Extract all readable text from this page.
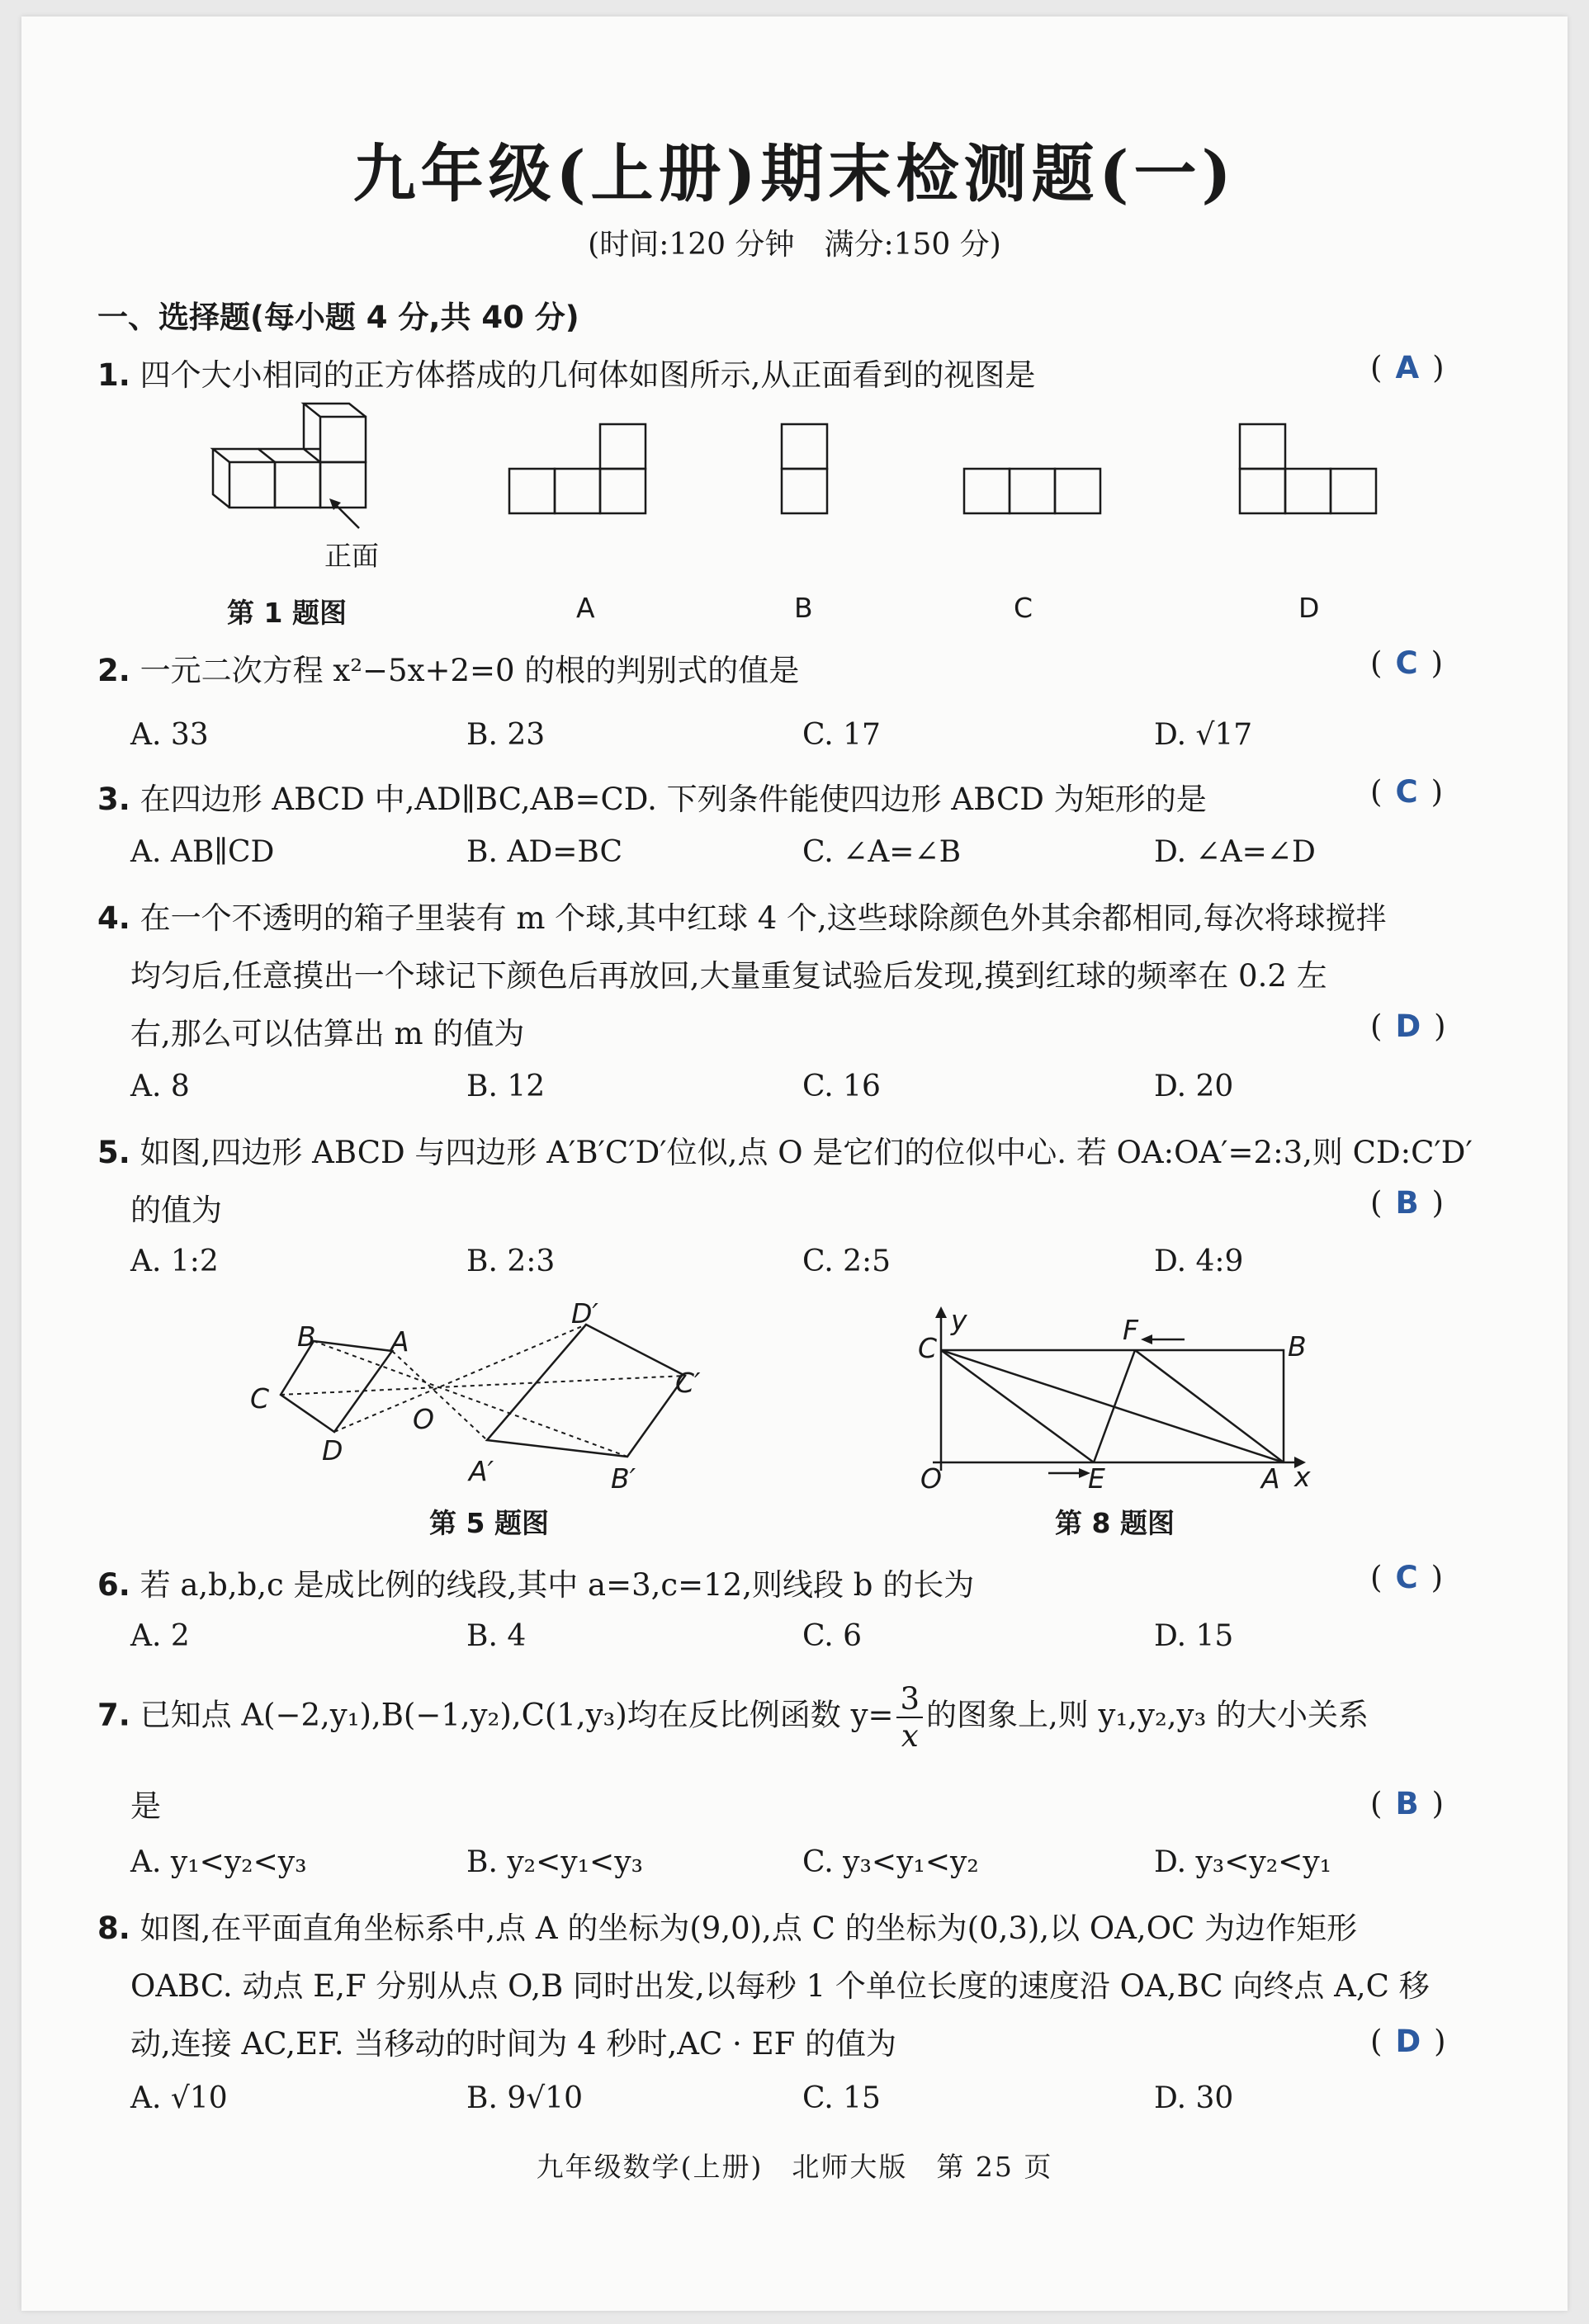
九年级(上册)期末检测题(一)
(时间:120 分钟　满分:150 分)
一、选择题(每小题 4 分,共 40 分)
1. 四个大小相同的正方体搭成的几何体如图所示,从正面看到的视图是	( A )
正面
第 1 题图	A	B	C	D
2. 一元二次方程 x²−5x+2=0 的根的判别式的值是	( C )
A. 33	B. 23	C. 17	D. √17
3. 在四边形 ABCD 中,AD∥BC,AB=CD. 下列条件能使四边形 ABCD 为矩形的是	( C )
A. AB∥CD	B. AD=BC	C. ∠A=∠B	D. ∠A=∠D
4. 在一个不透明的箱子里装有 m 个球,其中红球 4 个,这些球除颜色外其余都相同,每次将球搅拌
均匀后,任意摸出一个球记下颜色后再放回,大量重复试验后发现,摸到红球的频率在 0.2 左
右,那么可以估算出 m 的值为	( D )
A. 8	B. 12	C. 16	D. 20
5. 如图,四边形 ABCD 与四边形 A′B′C′D′位似,点 O 是它们的位似中心. 若 OA:OA′=2:3,则 CD:C′D′
的值为	( B )
A. 1:2	B. 2:3	C. 2:5	D. 4:9
B	A
C
D
O
D′
C′
A′	B′
第 5 题图
y
C
F
B
O	E	A x
第 8 题图
6. 若 a,b,b,c 是成比例的线段,其中 a=3,c=12,则线段 b 的长为	( C )
A. 2	B. 4	C. 6	D. 15
7. 已知点 A(−2,y₁),B(−1,y₂),C(1,y₃)均在反比例函数 $y= \frac{3}{x}$ 的图象上,则 y₁,y₂,y₃ 的大小关系
是	( B )
A. y₁<y₂<y₃	B. y₂<y₁<y₃	C. y₃<y₁<y₂	D. y₃<y₂<y₁
8. 如图,在平面直角坐标系中,点 A 的坐标为(9,0),点 C 的坐标为(0,3),以 OA,OC 为边作矩形
OABC. 动点 E,F 分别从点 O,B 同时出发,以每秒 1 个单位长度的速度沿 OA,BC 向终点 A,C 移
动,连接 AC,EF. 当移动的时间为 4 秒时,AC · EF 的值为	( D )
A. √10	B. 9√10	C. 15	D. 30
九年级数学(上册)　北师大版　第 25 页
